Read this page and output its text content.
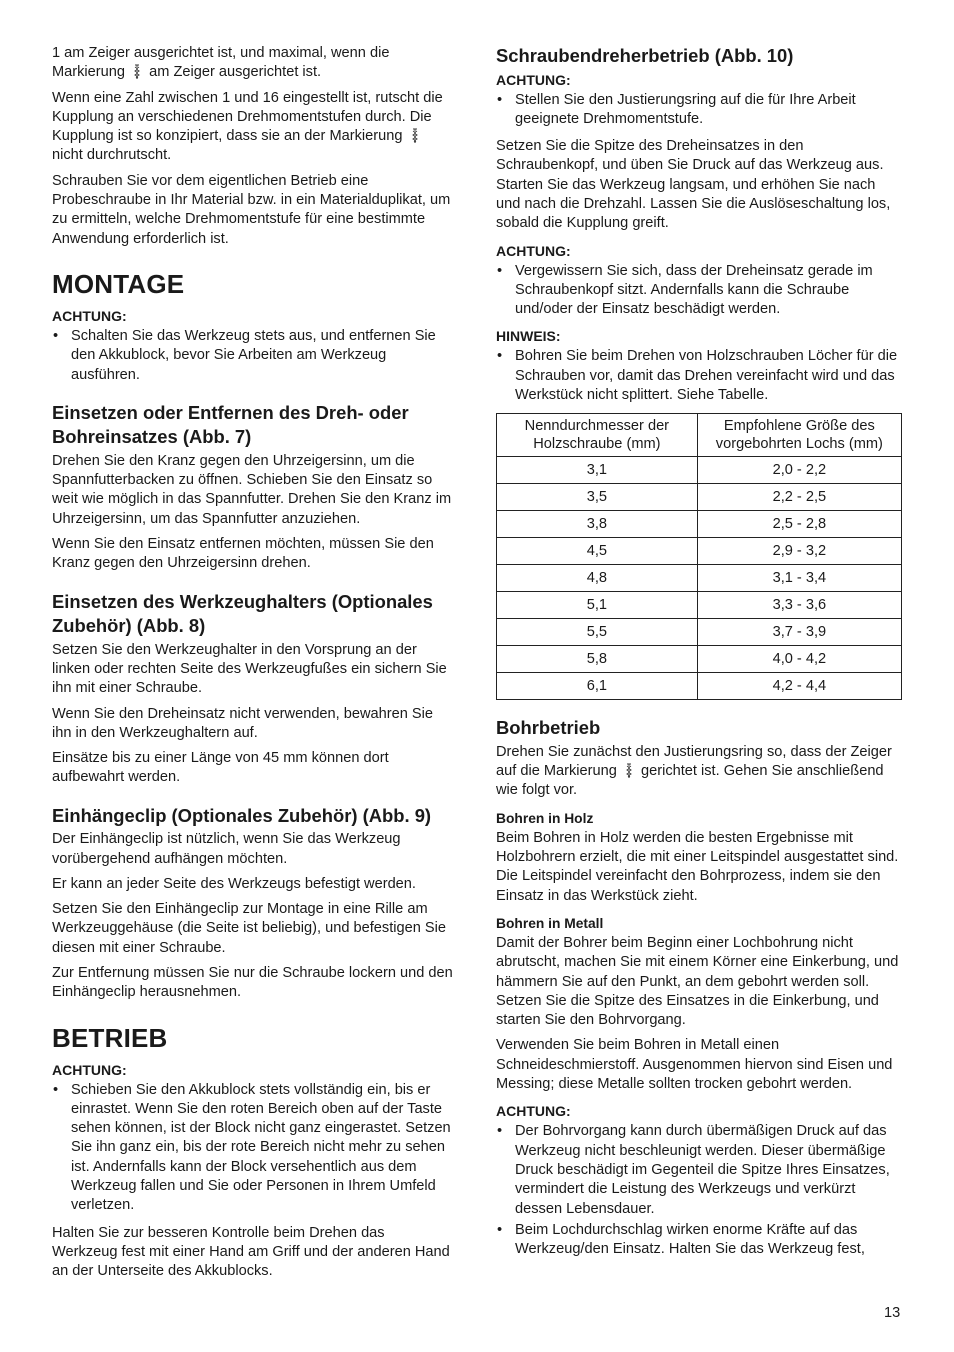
1 am Zeiger ausgerichtet ist, und maximal, wenn die Markierung  am Zeiger ausgerichtet ist.

Wenn eine Zahl zwischen 1 und 16 eingestellt ist, rutscht die Kupplung an verschiedenen Drehmomentstufen durch. Die Kupplung ist so konzipiert, dass sie an der Markierung  nicht durchrutscht.

Schrauben Sie vor dem eigentlichen Betrieb eine Probeschraube in Ihr Material bzw. in ein Materialduplikat, um zu ermitteln, welche Drehmomentstufe für eine bestimmte Anwendung erforderlich ist.

MONTAGE
ACHTUNG:
• Schalten Sie das Werkzeug stets aus, und entfernen Sie den Akkublock, bevor Sie Arbeiten am Werkzeug ausführen.
Einsetzen oder Entfernen des Dreh- oder Bohreinsatzes (Abb. 7)

Drehen Sie den Kranz gegen den Uhrzeigersinn, um die Spannfutterbacken zu öffnen. Schieben Sie den Einsatz so weit wie möglich in das Spannfutter. Drehen Sie den Kranz im Uhrzeigersinn, um das Spannfutter anzuziehen.

Wenn Sie den Einsatz entfernen möchten, müssen Sie den Kranz gegen den Uhrzeigersinn drehen.

Einsetzen des Werkzeughalters (Optionales Zubehör) (Abb. 8)

Setzen Sie den Werkzeughalter in den Vorsprung an der linken oder rechten Seite des Werkzeugfußes ein sichern Sie ihn mit einer Schraube.

Wenn Sie den Dreheinsatz nicht verwenden, bewahren Sie ihn in den Werkzeughaltern auf.

Einsätze bis zu einer Länge von 45 mm können dort aufbewahrt werden.

Einhängeclip (Optionales Zubehör) (Abb. 9)

Der Einhängeclip ist nützlich, wenn Sie das Werkzeug vorübergehend aufhängen möchten.

Er kann an jeder Seite des Werkzeugs befestigt werden.

Setzen Sie den Einhängeclip zur Montage in eine Rille am Werkzeuggehäuse (die Seite ist beliebig), und befestigen Sie diesen mit einer Schraube.

Zur Entfernung müssen Sie nur die Schraube lockern und den Einhängeclip herausnehmen.

BETRIEB
ACHTUNG:
• Schieben Sie den Akkublock stets vollständig ein, bis er einrastet. Wenn Sie den roten Bereich oben auf der Taste sehen können, ist der Block nicht ganz eingerastet. Setzen Sie ihn ganz ein, bis der rote Bereich nicht mehr zu sehen ist. Andernfalls kann der Block versehentlich aus dem Werkzeug fallen und Sie oder Personen in Ihrem Umfeld verletzen.

Halten Sie zur besseren Kontrolle beim Drehen das Werkzeug fest mit einer Hand am Griff und der anderen Hand an der Unterseite des Akkublocks.

Schraubendreherbetrieb (Abb. 10)
ACHTUNG:
• Stellen Sie den Justierungsring auf die für Ihre Arbeit geeignete Drehmomentstufe.

Setzen Sie die Spitze des Dreheinsatzes in den Schraubenkopf, und üben Sie Druck auf das Werkzeug aus. Starten Sie das Werkzeug langsam, und erhöhen Sie nach und nach die Drehzahl. Lassen Sie die Auslöseschaltung los, sobald die Kupplung greift.

ACHTUNG:
• Vergewissern Sie sich, dass der Dreheinsatz gerade im Schraubenkopf sitzt. Andernfalls kann die Schraube und/oder der Einsatz beschädigt werden.
HINWEIS:
• Bohren Sie beim Drehen von Holzschrauben Löcher für die Schrauben vor, damit das Drehen vereinfacht wird und das Werkstück nicht splittert. Siehe Tabelle.
Nenndurchmesser der Holzschraube (mm)	Empfohlene Größe des vorgebohrten Lochs (mm)
3,1	2,0 - 2,2
3,5	2,2 - 2,5
3,8	2,5 - 2,8
4,5	2,9 - 3,2
4,8	3,1 - 3,4
5,1	3,3 - 3,6
5,5	3,7 - 3,9
5,8	4,0 - 4,2
6,1	4,2 - 4,4
Bohrbetrieb

Drehen Sie zunächst den Justierungsring so, dass der Zeiger auf die Markierung  gerichtet ist. Gehen Sie anschließend wie folgt vor.

Bohren in Holz

Beim Bohren in Holz werden die besten Ergebnisse mit Holzbohrern erzielt, die mit einer Leitspindel ausgestattet sind. Die Leitspindel vereinfacht den Bohrprozess, indem sie den Einsatz in das Werkstück zieht.

Bohren in Metall

Damit der Bohrer beim Beginn einer Lochbohrung nicht abrutscht, machen Sie mit einem Körner eine Einkerbung, und hämmern Sie auf den Punkt, an dem gebohrt werden soll. Setzen Sie die Spitze des Einsatzes in die Einkerbung, und starten Sie den Bohrvorgang.

Verwenden Sie beim Bohren in Metall einen Schneideschmierstoff. Ausgenommen hiervon sind Eisen und Messing; diese Metalle sollten trocken gebohrt werden.

ACHTUNG:
• Der Bohrvorgang kann durch übermäßigen Druck auf das Werkzeug nicht beschleunigt werden. Dieser übermäßige Druck beschädigt im Gegenteil die Spitze Ihres Einsatzes, vermindert die Leistung des Werkzeugs und verkürzt dessen Lebensdauer.
• Beim Lochdurchschlag wirken enorme Kräfte auf das Werkzeug/den Einsatz. Halten Sie das Werkzeug fest,
13
